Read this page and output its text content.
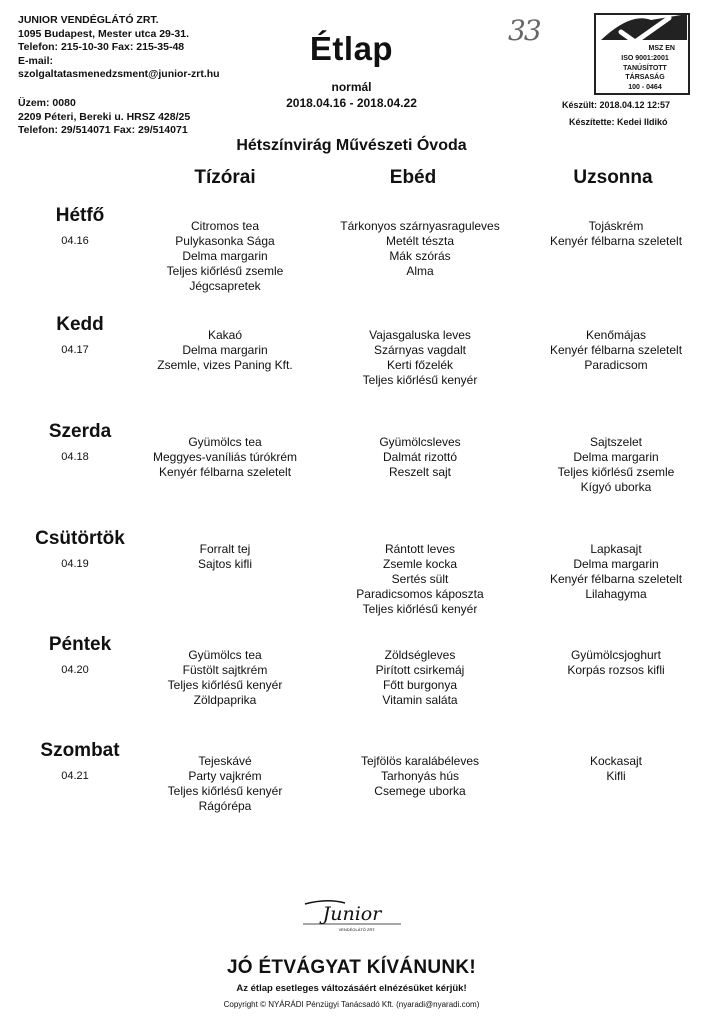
JUNIOR VENDÉGLÁTÓ ZRT.
1095 Budapest, Mester utca 29-31.
Telefon: 215-10-30 Fax: 215-35-48
E-mail:
szolgaltatasmenedzsment@junior-zrt.hu
Üzem: 0080
2209 Péteri, Bereki u. HRSZ 428/25
Telefon: 29/514071 Fax: 29/514071
Étlap
normál
2018.04.16 - 2018.04.22
33
MSZ EN
ISO 9001:2001
TANÚSÍTOTT
TÁRSASÁG
100 - 0464
Készült: 2018.04.12 12:57
Készítette: Kedei Ildikó
Hétszínvirág Művészeti Óvoda
Tízórai	Ebéd	Uzsonna
Hétfő
04.16
Citromos tea
Pulykasonka Sága
Delma margarin
Teljes kiőrlésű zsemle
Jégcsapretek
Tárkonyos szárnyasraguleves
Metélt tészta
Mák szórás
Alma
Tojáskrém
Kenyér félbarna szeletelt
Kedd
04.17
Kakaó
Delma margarin
Zsemle, vizes Paning Kft.
Vajasgaluska leves
Szárnyas vagdalt
Kerti főzelék
Teljes kiőrlésű kenyér
Kenőmájas
Kenyér félbarna szeletelt
Paradicsom
Szerda
04.18
Gyümölcs tea
Meggyes-vaníliás túrókrém
Kenyér félbarna szeletelt
Gyümölcsleves
Dalmát rizottó
Reszelt sajt
Sajtszelet
Delma margarin
Teljes kiőrlésű zsemle
Kígyó uborka
Csütörtök
04.19
Forralt tej
Sajtos kifli
Rántott leves
Zsemle kocka
Sertés sült
Paradicsomos káposzta
Teljes kiőrlésű kenyér
Lapkasajt
Delma margarin
Kenyér félbarna szeletelt
Lilahagyma
Péntek
04.20
Gyümölcs tea
Füstölt sajtkrém
Teljes kiőrlésű kenyér
Zöldpaprika
Zöldségleves
Pirított csirkemáj
Főtt burgonya
Vitamin saláta
Gyümölcsjoghurt
Korpás rozsos kifli
Szombat
04.21
Tejeskávé
Party vajkrém
Teljes kiőrlésű kenyér
Rágórépa
Tejfölös karalábéleves
Tarhonyás hús
Csemege uborka
Kockasajt
Kifli
Junior
VENDÉGLÁTÓ ZRT.
JÓ ÉTVÁGYAT KÍVÁNUNK!
Az étlap esetleges változásáért elnézésüket kérjük!
Copyright © NYÁRÁDI Pénzügyi Tanácsadó Kft. (nyaradi@nyaradi.com)
